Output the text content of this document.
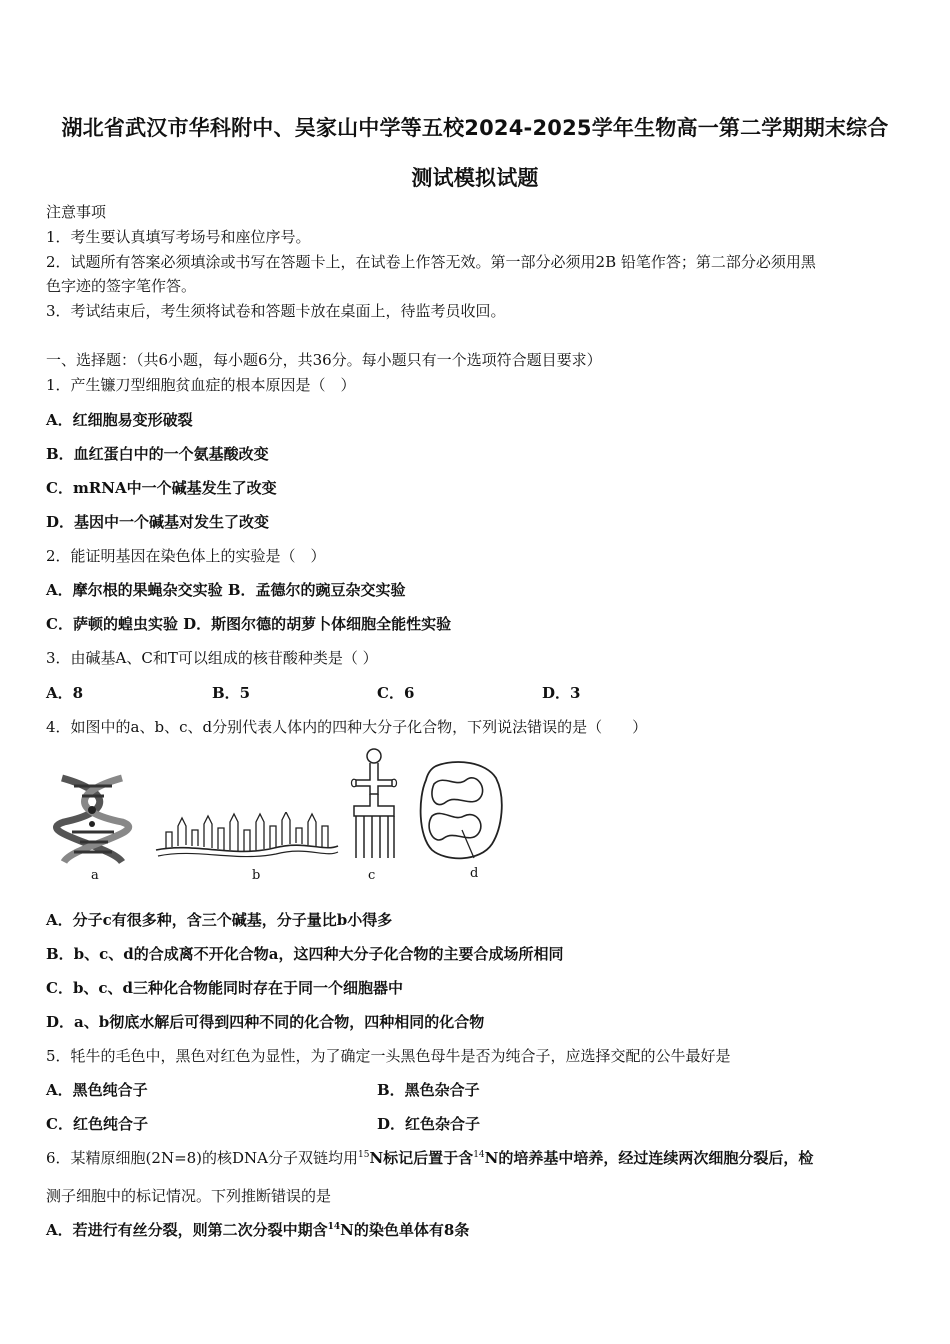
湖北省武汉市华科附中、吴家山中学等五校2024-2025学年生物高一第二学期期末综合
测试模拟试题
注意事项
1．考生要认真填写考场号和座位序号。
2．试题所有答案必须填涂或书写在答题卡上，在试卷上作答无效。第一部分必须用2B 铅笔作答；第二部分必须用黑
色字迹的签字笔作答。
3．考试结束后，考生须将试卷和答题卡放在桌面上，待监考员收回。
一、选择题：（共6小题，每小题6分，共36分。每小题只有一个选项符合题目要求）
1．产生镰刀型细胞贫血症的根本原因是（　）
A．红细胞易变形破裂
B．血红蛋白中的一个氨基酸改变
C．mRNA中一个碱基发生了改变
D．基因中一个碱基对发生了改变
2．能证明基因在染色体上的实验是（　）
A．摩尔根的果蝇杂交实验 B．孟德尔的豌豆杂交实验
C．萨顿的蝗虫实验 D．斯图尔德的胡萝卜体细胞全能性实验
3．由碱基A、C和T可以组成的核苷酸种类是（ ）
A．8	B．5	C．6	D．3
4．如图中的a、b、c、d分别代表人体内的四种大分子化合物，下列说法错误的是（　　）
a	b	c	d
A．分子c有很多种，含三个碱基，分子量比b小得多
B．b、c、d的合成离不开化合物a，这四种大分子化合物的主要合成场所相同
C．b、c、d三种化合物能同时存在于同一个细胞器中
D．a、b彻底水解后可得到四种不同的化合物，四种相同的化合物
5．牦牛的毛色中，黑色对红色为显性，为了确定一头黑色母牛是否为纯合子，应选择交配的公牛最好是
A．黑色纯合子	B．黑色杂合子
C．红色纯合子	D．红色杂合子
6．某精原细胞(2N=8)的核DNA分子双链均用$^{15}$N标记后置于含$^{14}$N的培养基中培养，经过连续两次细胞分裂后，检
测子细胞中的标记情况。下列推断错误的是
A．若进行有丝分裂，则第二次分裂中期含$^{14}$N的染色单体有8条
